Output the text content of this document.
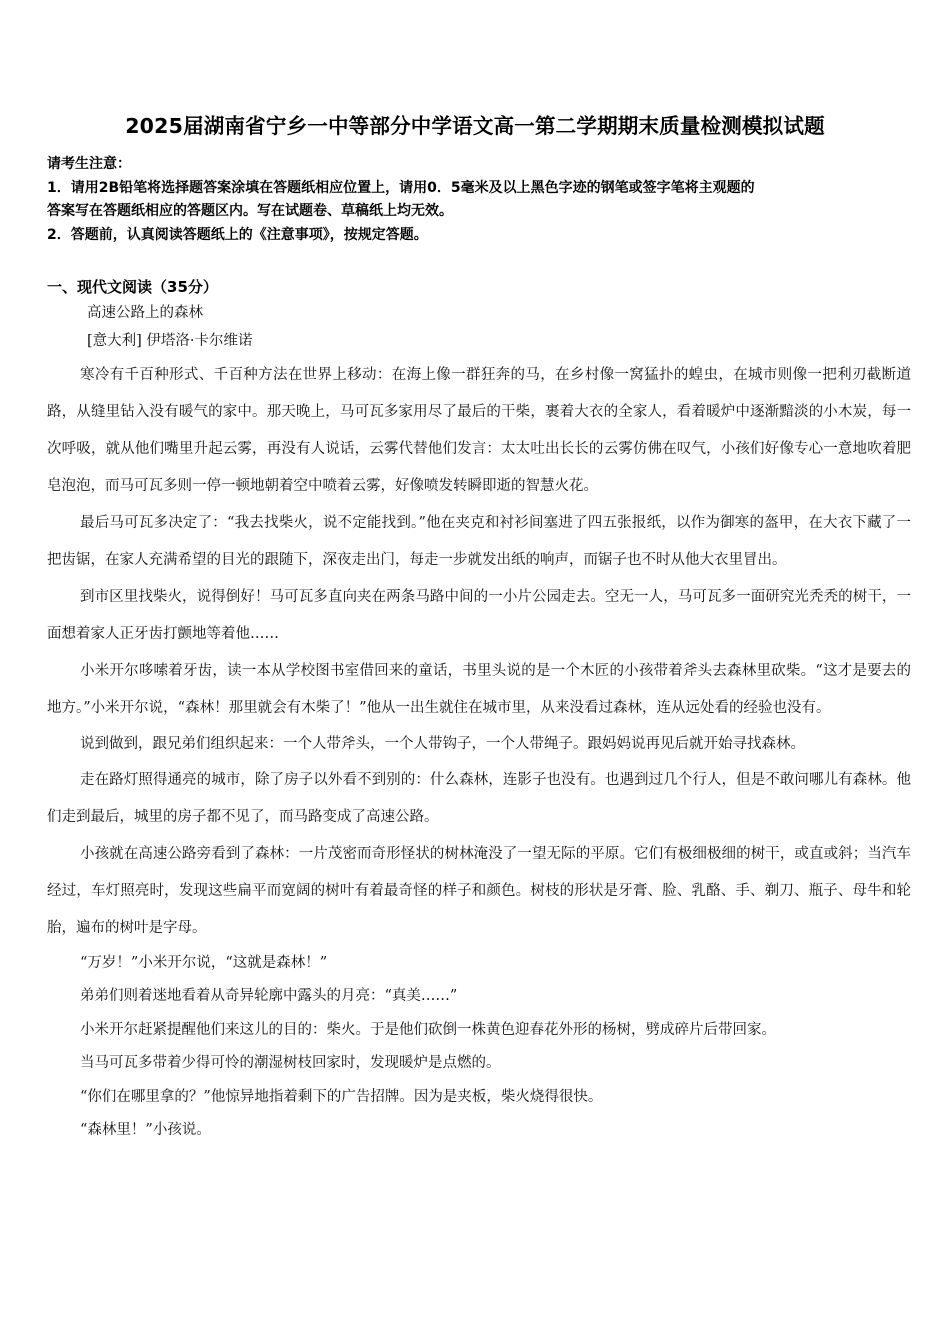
2025届湖南省宁乡一中等部分中学语文高一第二学期期末质量检测模拟试题
请考生注意：
1．请用2B铅笔将选择题答案涂填在答题纸相应位置上，请用0．5毫米及以上黑色字迹的钢笔或签字笔将主观题的
答案写在答题纸相应的答题区内。写在试题卷、草稿纸上均无效。
2．答题前，认真阅读答题纸上的《注意事项》，按规定答题。
一、现代文阅读（35分）
高速公路上的森林
[意大利] 伊塔洛·卡尔维诺

寒冷有千百种形式、千百种方法在世界上移动：在海上像一群狂奔的马，在乡村像一窝猛扑的蝗虫，在城市则像一把利刃截断道路，从缝里钻入没有暖气的家中。那天晚上，马可瓦多家用尽了最后的干柴，裹着大衣的全家人，看着暖炉中逐渐黯淡的小木炭，每一次呼吸，就从他们嘴里升起云雾，再没有人说话，云雾代替他们发言：太太吐出长长的云雾仿佛在叹气，小孩们好像专心一意地吹着肥皂泡泡，而马可瓦多则一停一顿地朝着空中喷着云雾，好像喷发转瞬即逝的智慧火花。

最后马可瓦多决定了：“我去找柴火，说不定能找到。”他在夹克和衬衫间塞进了四五张报纸，以作为御寒的盔甲，在大衣下藏了一把齿锯，在家人充满希望的目光的跟随下，深夜走出门，每走一步就发出纸的响声，而锯子也不时从他大衣里冒出。

到市区里找柴火，说得倒好！马可瓦多直向夹在两条马路中间的一小片公园走去。空无一人，马可瓦多一面研究光秃秃的树干，一面想着家人正牙齿打颤地等着他……

小米开尔哆嗦着牙齿，读一本从学校图书室借回来的童话，书里头说的是一个木匠的小孩带着斧头去森林里砍柴。“这才是要去的地方。”小米开尔说，“森林！那里就会有木柴了！”他从一出生就住在城市里，从来没看过森林，连从远处看的经验也没有。

说到做到，跟兄弟们组织起来：一个人带斧头，一个人带钩子，一个人带绳子。跟妈妈说再见后就开始寻找森林。

走在路灯照得通亮的城市，除了房子以外看不到别的：什么森林，连影子也没有。也遇到过几个行人，但是不敢问哪儿有森林。他们走到最后，城里的房子都不见了，而马路变成了高速公路。

小孩就在高速公路旁看到了森林：一片茂密而奇形怪状的树林淹没了一望无际的平原。它们有极细极细的树干，或直或斜；当汽车经过，车灯照亮时，发现这些扁平而宽阔的树叶有着最奇怪的样子和颜色。树枝的形状是牙膏、脸、乳酪、手、剃刀、瓶子、母牛和轮胎，遍布的树叶是字母。

“万岁！”小米开尔说，“这就是森林！”

弟弟们则着迷地看着从奇异轮廓中露头的月亮：“真美……”

小米开尔赶紧提醒他们来这儿的目的：柴火。于是他们砍倒一株黄色迎春花外形的杨树，劈成碎片后带回家。

当马可瓦多带着少得可怜的潮湿树枝回家时，发现暖炉是点燃的。

“你们在哪里拿的？”他惊异地指着剩下的广告招牌。因为是夹板，柴火烧得很快。

“森林里！”小孩说。
